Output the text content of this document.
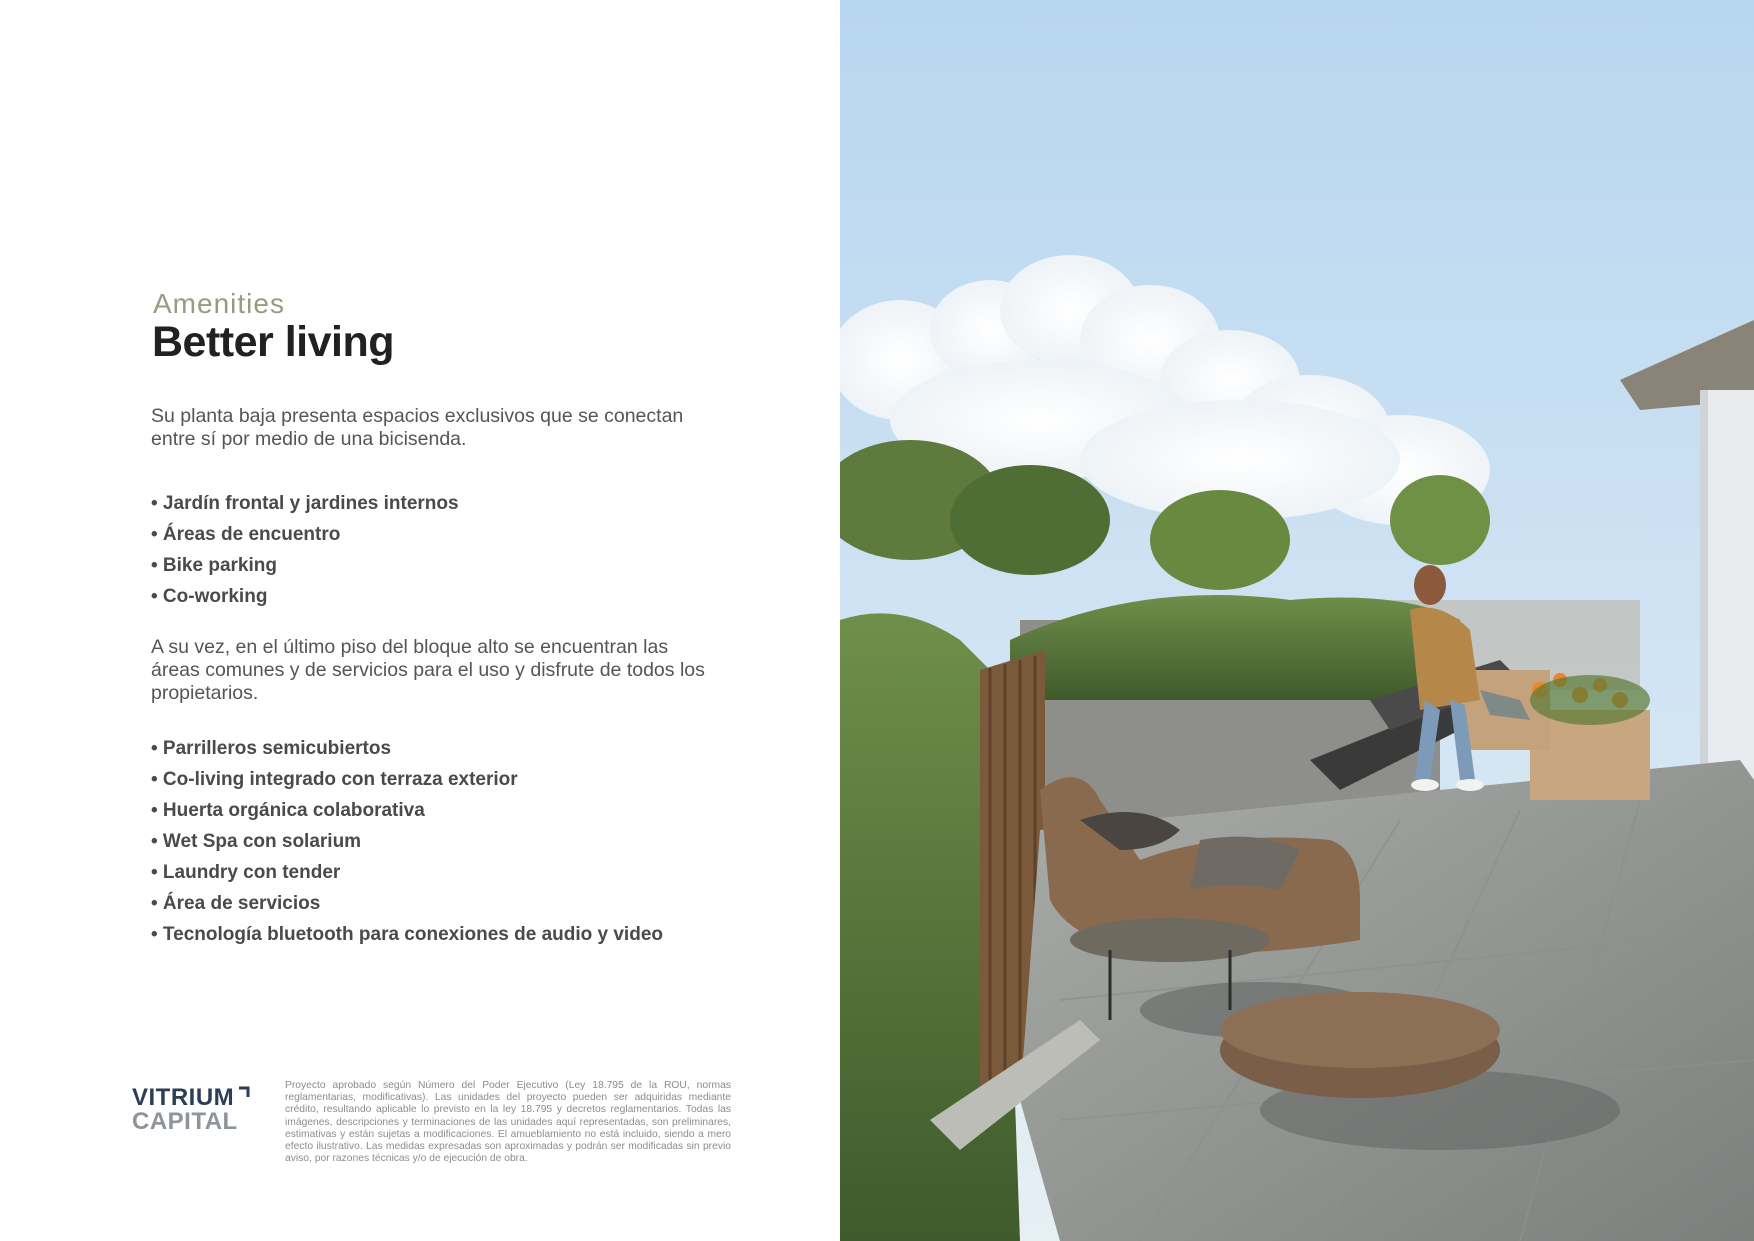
Amenities
Better living
Su planta baja presenta espacios exclusivos que se conectan entre sí por medio de una bicisenda.
• Jardín frontal y jardines internos
• Áreas de encuentro
• Bike parking
• Co-working
A su vez, en el último piso del bloque alto se encuentran las áreas comunes y de servicios para el uso y disfrute de todos los propietarios.
• Parrilleros semicubiertos
• Co-living integrado con terraza exterior
• Huerta orgánica colaborativa
• Wet Spa con solarium
• Laundry con tender
• Área de servicios
• Tecnología bluetooth para conexiones de audio y video
VITRIUM
CAPITAL
Proyecto aprobado según Número del Poder Ejecutivo (Ley 18.795 de la ROU, normas reglamentarias, modificativas). Las unidades del proyecto pueden ser adquiridas mediante crédito, resultando aplicable lo previsto en la ley 18.795 y decretos reglamentarios. Todas las imágenes, descripciones y terminaciones de las unidades aquí representadas, son preliminares, estimativas y están sujetas a modificaciones. El amueblamiento no está incluido, siendo a mero efecto ilustrativo. Las medidas expresadas son aproximadas y podrán ser modificadas sin previo aviso, por razones técnicas y/o de ejecución de obra.
